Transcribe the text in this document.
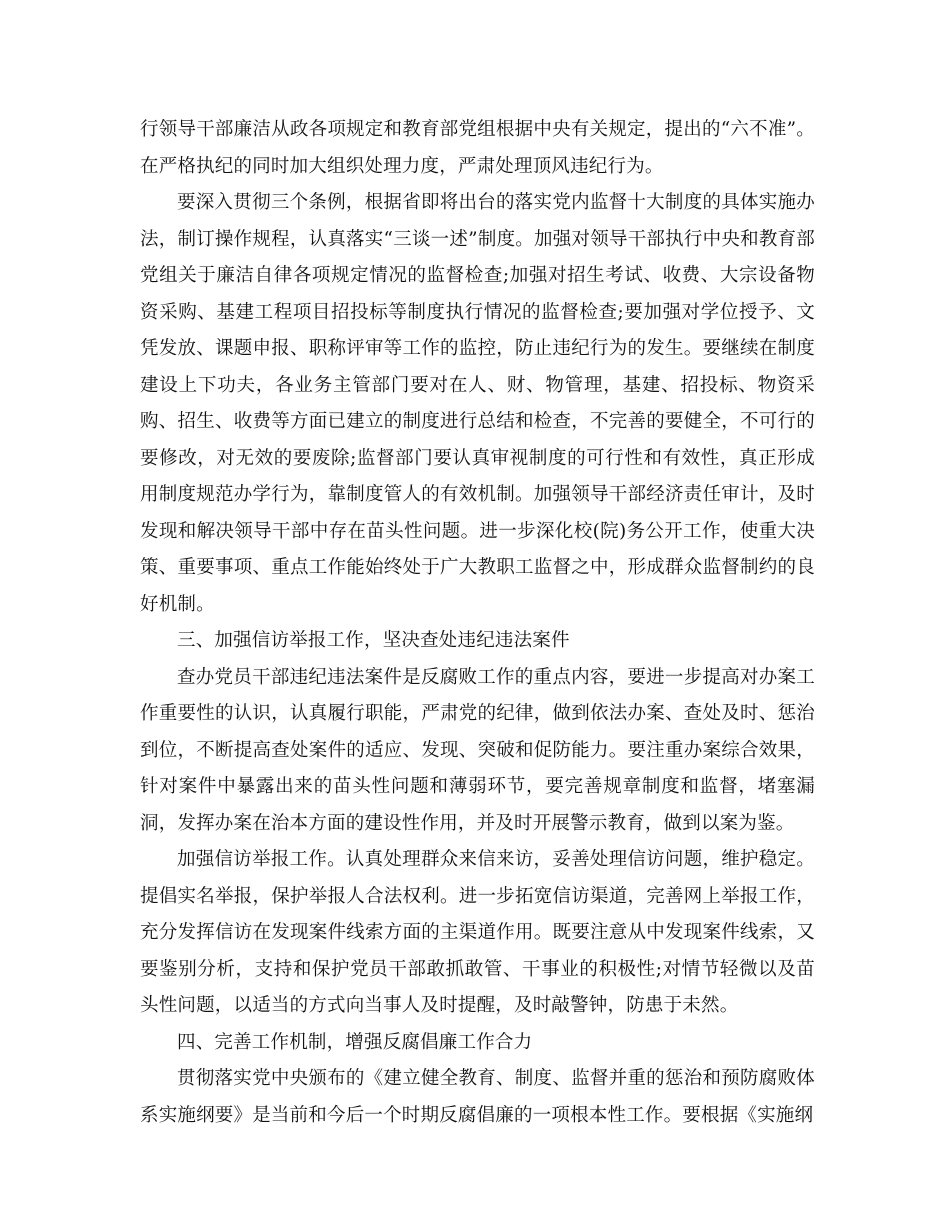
行领导干部廉洁从政各项规定和教育部党组根据中央有关规定，提出的“六不准”。在严格执纪的同时加大组织处理力度，严肃处理顶风违纪行为。

要深入贯彻三个条例，根据省即将出台的落实党内监督十大制度的具体实施办法，制订操作规程，认真落实“三谈一述”制度。加强对领导干部执行中央和教育部党组关于廉洁自律各项规定情况的监督检查;加强对招生考试、收费、大宗设备物资采购、基建工程项目招投标等制度执行情况的监督检查;要加强对学位授予、文凭发放、课题申报、职称评审等工作的监控，防止违纪行为的发生。要继续在制度建设上下功夫，各业务主管部门要对在人、财、物管理，基建、招投标、物资采购、招生、收费等方面已建立的制度进行总结和检查，不完善的要健全，不可行的要修改，对无效的要废除;监督部门要认真审视制度的可行性和有效性，真正形成用制度规范办学行为，靠制度管人的有效机制。加强领导干部经济责任审计，及时发现和解决领导干部中存在苗头性问题。进一步深化校(院)务公开工作，使重大决策、重要事项、重点工作能始终处于广大教职工监督之中，形成群众监督制约的良好机制。

三、加强信访举报工作，坚决查处违纪违法案件

查办党员干部违纪违法案件是反腐败工作的重点内容，要进一步提高对办案工作重要性的认识，认真履行职能，严肃党的纪律，做到依法办案、查处及时、惩治到位，不断提高查处案件的适应、发现、突破和促防能力。要注重办案综合效果，针对案件中暴露出来的苗头性问题和薄弱环节，要完善规章制度和监督，堵塞漏洞，发挥办案在治本方面的建设性作用，并及时开展警示教育，做到以案为鉴。

加强信访举报工作。认真处理群众来信来访，妥善处理信访问题，维护稳定。提倡实名举报，保护举报人合法权利。进一步拓宽信访渠道，完善网上举报工作，充分发挥信访在发现案件线索方面的主渠道作用。既要注意从中发现案件线索，又要鉴别分析，支持和保护党员干部敢抓敢管、干事业的积极性;对情节轻微以及苗头性问题，以适当的方式向当事人及时提醒，及时敲警钟，防患于未然。

四、完善工作机制，增强反腐倡廉工作合力

贯彻落实党中央颁布的《建立健全教育、制度、监督并重的惩治和预防腐败体系实施纲要》是当前和今后一个时期反腐倡廉的一项根本性工作。要根据《实施纲
